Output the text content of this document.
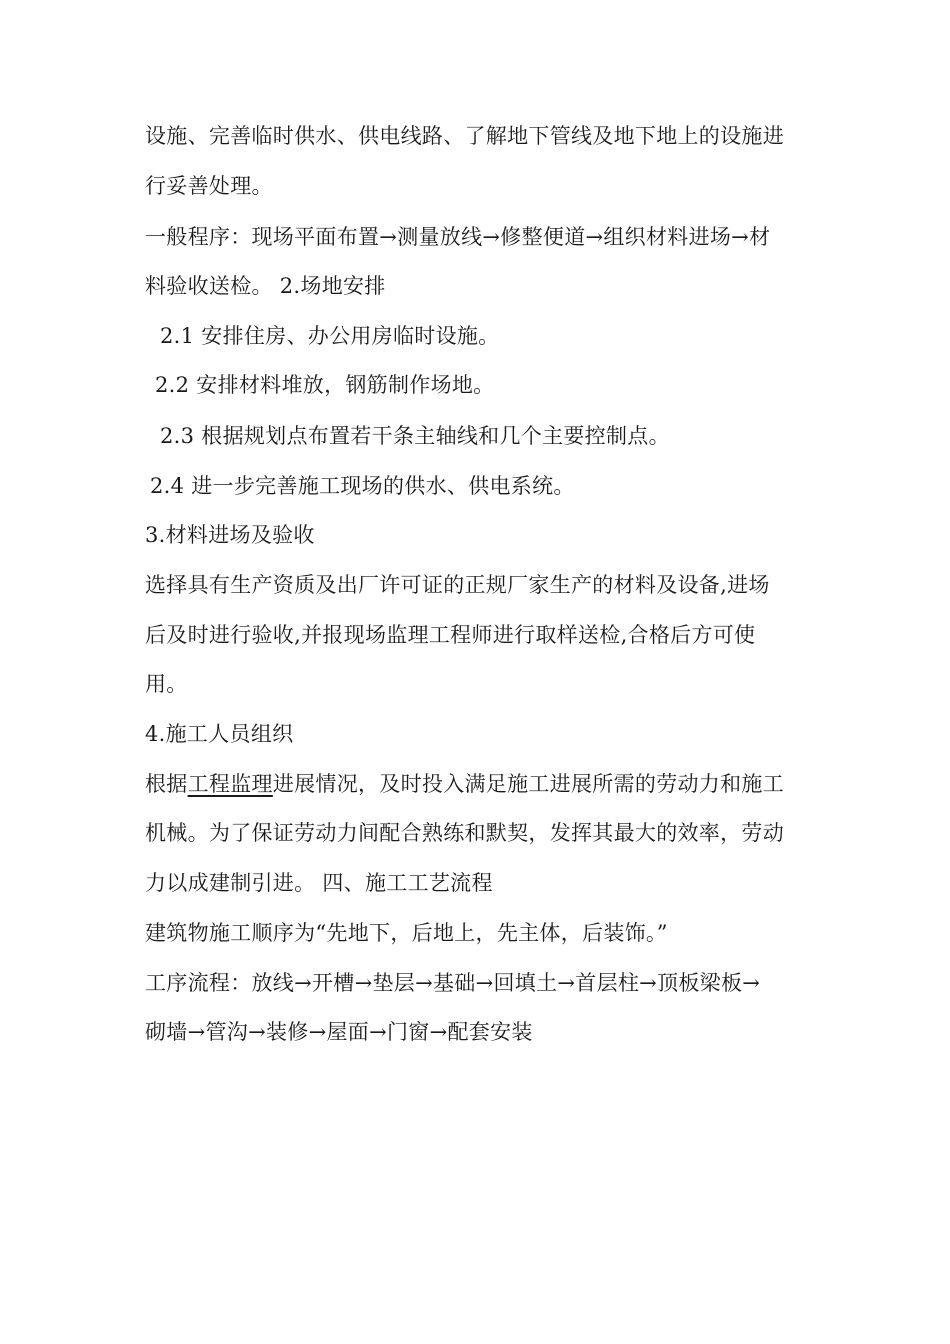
设施、完善临时供水、供电线路、了解地下管线及地下地上的设施进
行妥善处理。
一般程序：现场平面布置→测量放线→修整便道→组织材料进场→材
料验收送检。 2.场地安排
2.1 安排住房、办公用房临时设施。
2.2 安排材料堆放，钢筋制作场地。
2.3 根据规划点布置若干条主轴线和几个主要控制点。
2.4 进一步完善施工现场的供水、供电系统。
3.材料进场及验收
选择具有生产资质及出厂许可证的正规厂家生产的材料及设备,进场
后及时进行验收,并报现场监理工程师进行取样送检,合格后方可使
用。
4.施工人员组织
根据工程监理进展情况，及时投入满足施工进展所需的劳动力和施工
机械。为了保证劳动力间配合熟练和默契，发挥其最大的效率，劳动
力以成建制引进。 四、施工工艺流程
建筑物施工顺序为“先地下，后地上，先主体，后装饰。”
工序流程：放线→开槽→垫层→基础→回填土→首层柱→顶板梁板→
砌墙→管沟→装修→屋面→门窗→配套安装
